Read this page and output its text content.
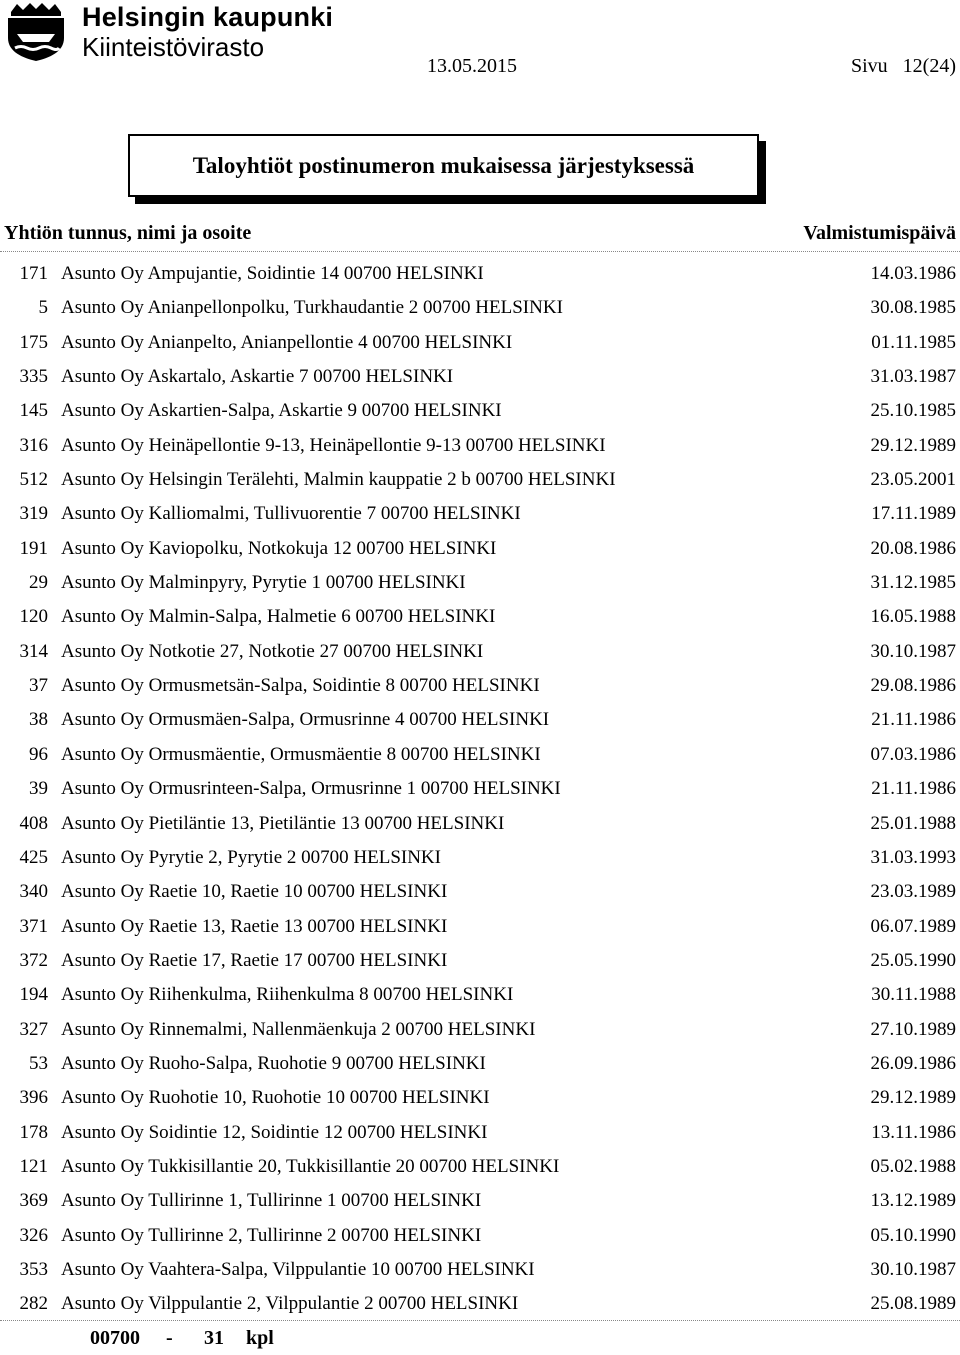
Helsingin kaupunki
Kiinteistövirasto
13.05.2015	Sivu   12(24)
Taloyhtiöt postinumeron mukaisessa järjestyksessä
Yhtiön tunnus, nimi ja osoite	Valmistumispäivä
171 Asunto Oy Ampujantie, Soidintie 14 00700 HELSINKI	14.03.1986
5 Asunto Oy Anianpellonpolku, Turkhaudantie 2 00700 HELSINKI	30.08.1985
175 Asunto Oy Anianpelto, Anianpellontie 4 00700 HELSINKI	01.11.1985
335 Asunto Oy Askartalo, Askartie 7 00700 HELSINKI	31.03.1987
145 Asunto Oy Askartien-Salpa, Askartie 9 00700 HELSINKI	25.10.1985
316 Asunto Oy Heinäpellontie 9-13, Heinäpellontie 9-13 00700 HELSINKI	29.12.1989
512 Asunto Oy Helsingin Terälehti, Malmin kauppatie 2 b 00700 HELSINKI	23.05.2001
319 Asunto Oy Kalliomalmi, Tullivuorentie 7 00700 HELSINKI	17.11.1989
191 Asunto Oy Kaviopolku, Notkokuja 12 00700 HELSINKI	20.08.1986
29 Asunto Oy Malminpyry, Pyrytie 1 00700 HELSINKI	31.12.1985
120 Asunto Oy Malmin-Salpa, Halmetie 6 00700 HELSINKI	16.05.1988
314 Asunto Oy Notkotie 27, Notkotie 27 00700 HELSINKI	30.10.1987
37 Asunto Oy Ormusmetsän-Salpa, Soidintie 8 00700 HELSINKI	29.08.1986
38 Asunto Oy Ormusmäen-Salpa, Ormusrinne 4 00700 HELSINKI	21.11.1986
96 Asunto Oy Ormusmäentie, Ormusmäentie 8 00700 HELSINKI	07.03.1986
39 Asunto Oy Ormusrinteen-Salpa, Ormusrinne 1 00700 HELSINKI	21.11.1986
408 Asunto Oy Pietiläntie 13, Pietiläntie 13 00700 HELSINKI	25.01.1988
425 Asunto Oy Pyrytie 2, Pyrytie 2 00700 HELSINKI	31.03.1993
340 Asunto Oy Raetie 10, Raetie 10 00700 HELSINKI	23.03.1989
371 Asunto Oy Raetie 13, Raetie 13 00700 HELSINKI	06.07.1989
372 Asunto Oy Raetie 17, Raetie 17 00700 HELSINKI	25.05.1990
194 Asunto Oy Riihenkulma, Riihenkulma 8 00700 HELSINKI	30.11.1988
327 Asunto Oy Rinnemalmi, Nallenmäenkuja 2 00700 HELSINKI	27.10.1989
53 Asunto Oy Ruoho-Salpa, Ruohotie 9 00700 HELSINKI	26.09.1986
396 Asunto Oy Ruohotie 10, Ruohotie 10 00700 HELSINKI	29.12.1989
178 Asunto Oy Soidintie 12, Soidintie 12 00700 HELSINKI	13.11.1986
121 Asunto Oy Tukkisillantie 20, Tukkisillantie 20 00700 HELSINKI	05.02.1988
369 Asunto Oy Tullirinne 1, Tullirinne 1 00700 HELSINKI	13.12.1989
326 Asunto Oy Tullirinne 2, Tullirinne 2 00700 HELSINKI	05.10.1990
353 Asunto Oy Vaahtera-Salpa, Vilppulantie 10 00700 HELSINKI	30.10.1987
282 Asunto Oy Vilppulantie 2, Vilppulantie 2 00700 HELSINKI	25.08.1989
00700 - 31 kpl
